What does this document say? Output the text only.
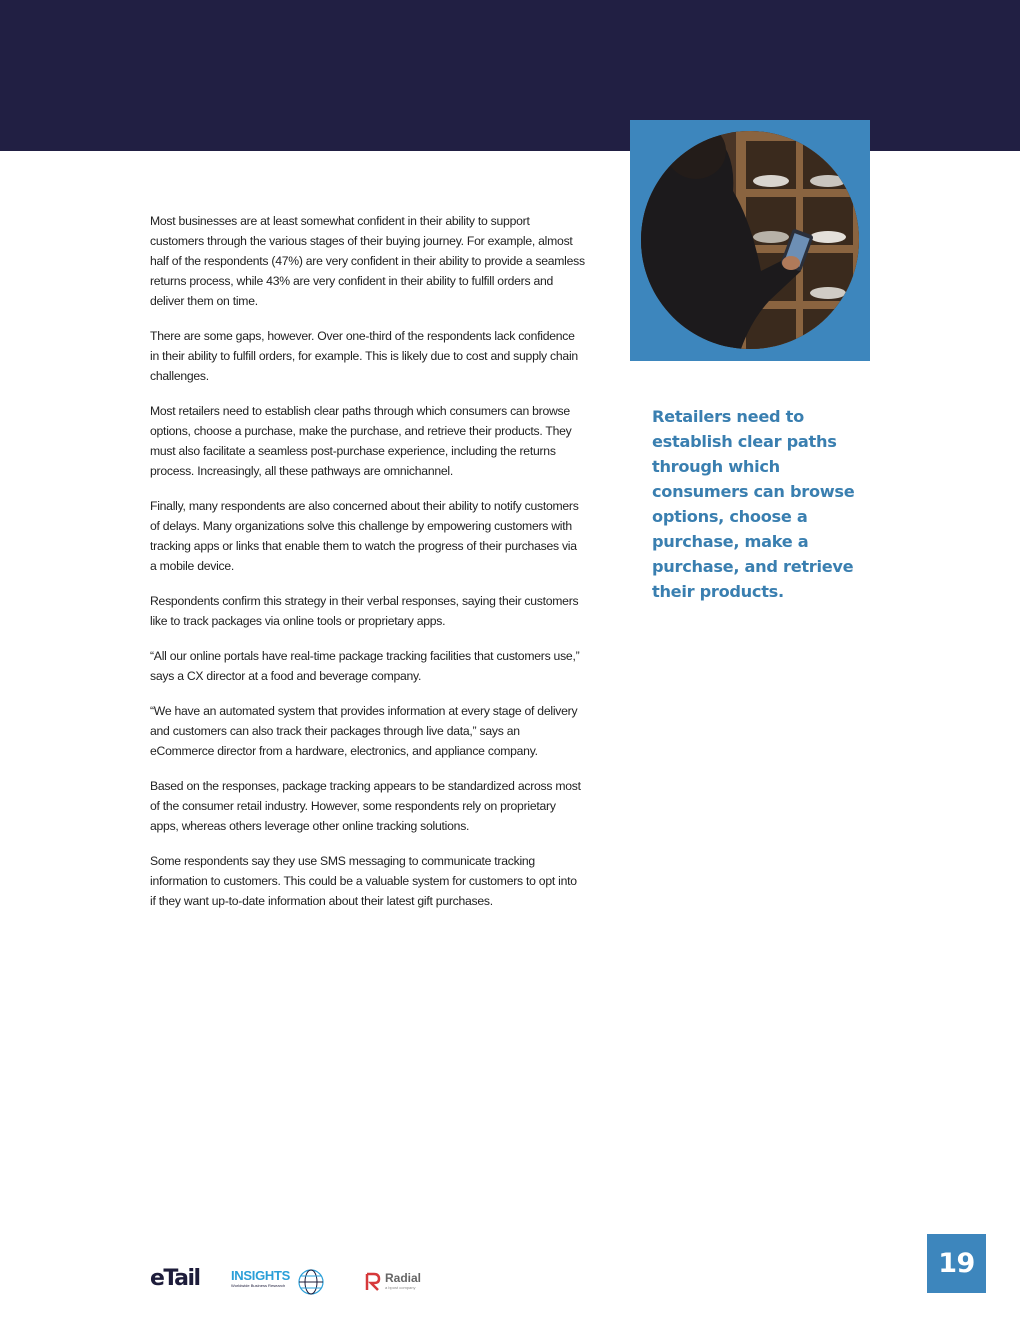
Most businesses are at least somewhat confident in their ability to support customers through the various stages of their buying journey. For example, almost half of the respondents (47%) are very confident in their ability to provide a seamless returns process, while 43% are very confident in their ability to fulfill orders and deliver them on time.

There are some gaps, however. Over one-third of the respondents lack confidence in their ability to fulfill orders, for example. This is likely due to cost and supply chain challenges.

Most retailers need to establish clear paths through which consumers can browse options, choose a purchase, make the purchase, and retrieve their products. They must also facilitate a seamless post-purchase experience, including the returns process. Increasingly, all these pathways are omnichannel.

Finally, many respondents are also concerned about their ability to notify customers of delays. Many organizations solve this challenge by empowering customers with tracking apps or links that enable them to watch the progress of their purchases via a mobile device.

Respondents confirm this strategy in their verbal responses, saying their customers like to track packages via online tools or proprietary apps.

“All our online portals have real-time package tracking facilities that customers use,” says a CX director at a food and beverage company.

“We have an automated system that provides information at every stage of delivery and customers can also track their packages through live data,” says an eCommerce director from a hardware, electronics, and appliance company.

Based on the responses, package tracking appears to be standardized across most of the consumer retail industry. However, some respondents rely on proprietary apps, whereas others leverage other online tracking solutions.

Some respondents say they use SMS messaging to communicate tracking information to customers. This could be a valuable system for customers to opt into if they want up-to-date information about their latest gift purchases.

Retailers need to establish clear paths through which consumers can browse options, choose a purchase, make a purchase, and retrieve their products.
eTail INSIGHTS
Worldwide Business Research
Radial
a bpost company
19
